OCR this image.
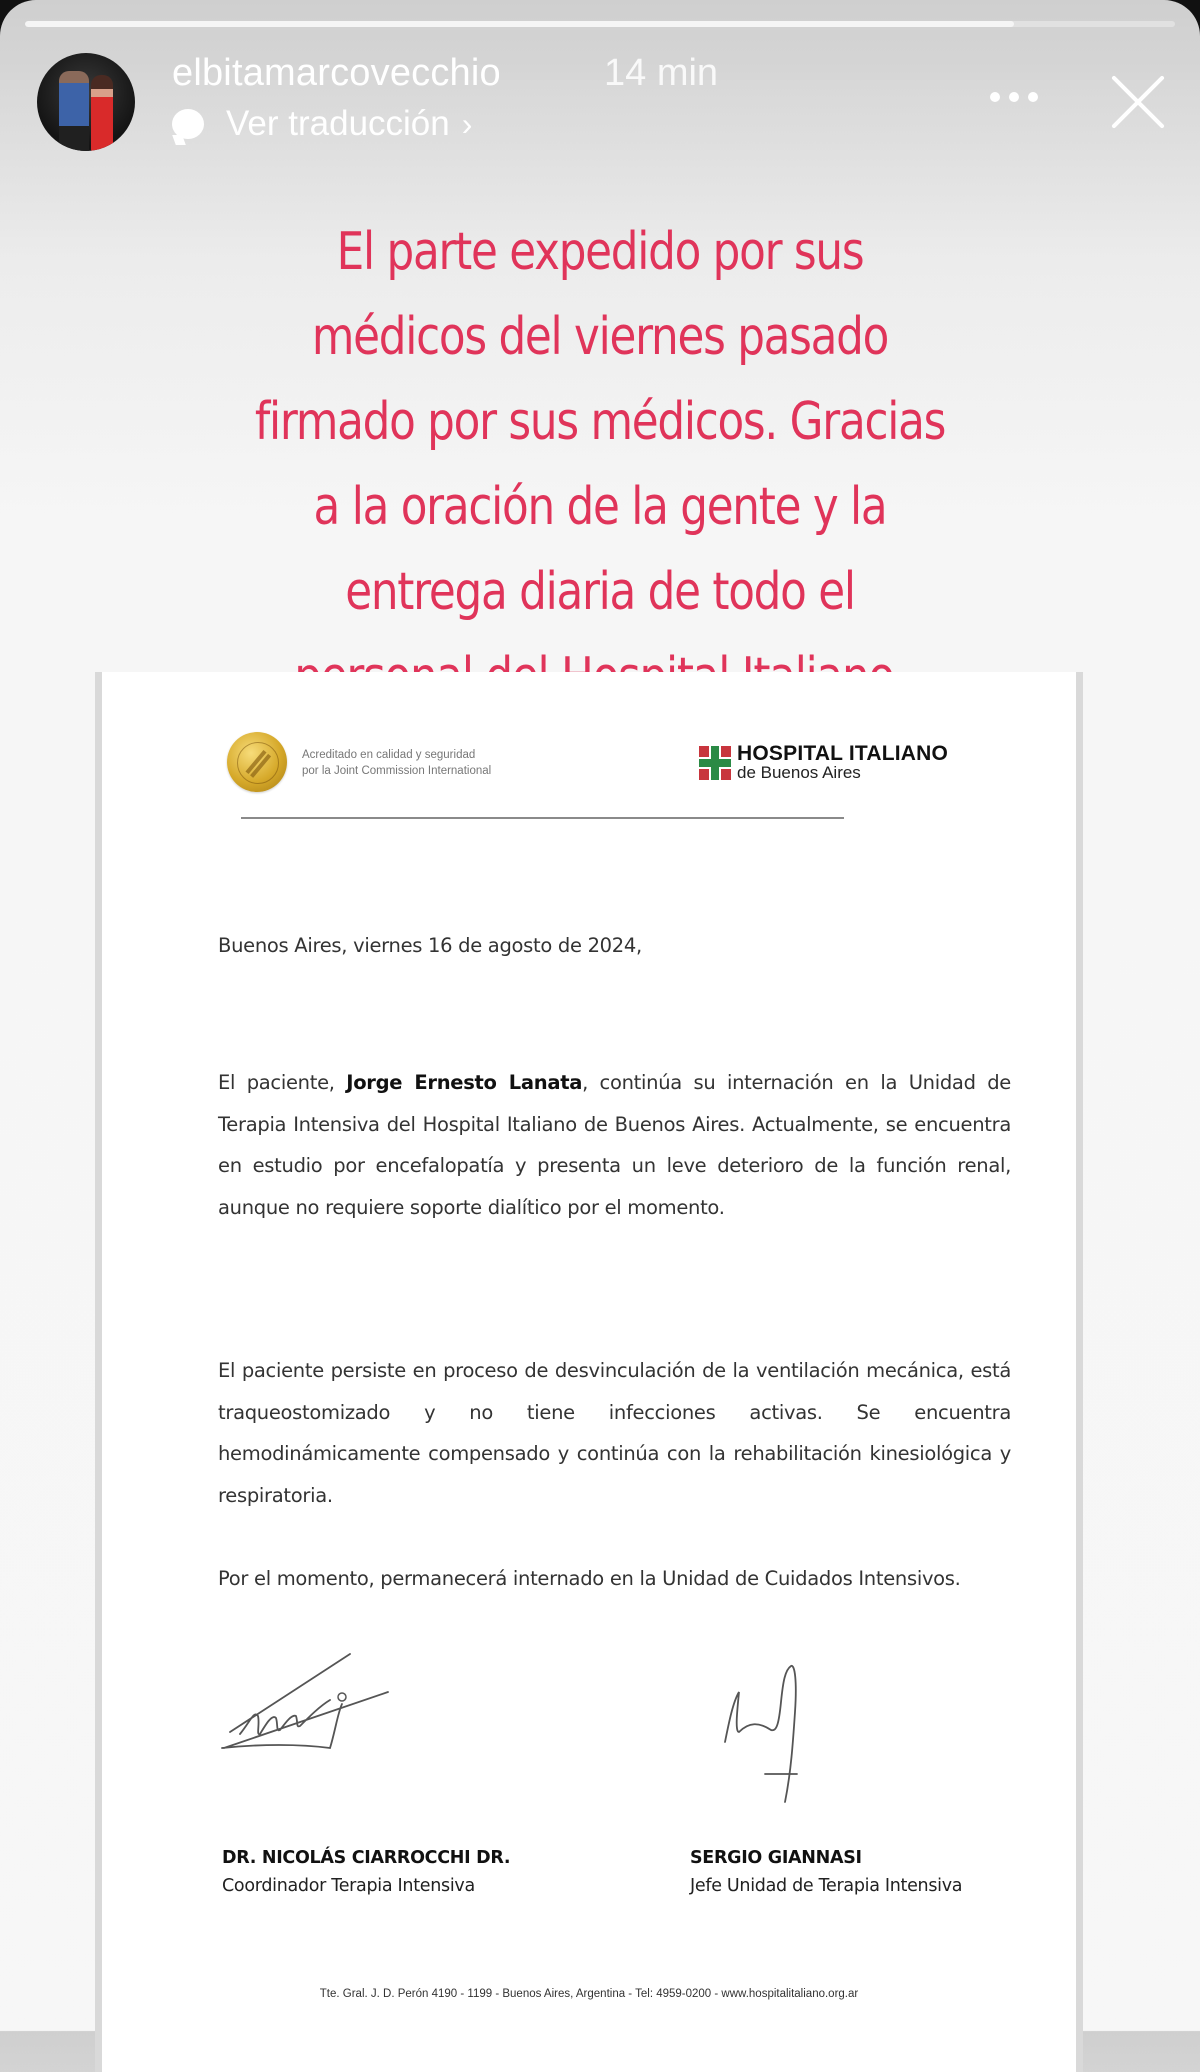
elbitamarcovecchio	14 min
Ver traducción ›
El parte expedido por sus
médicos del viernes pasado
firmado por sus médicos. Gracias
a la oración de la gente y la
entrega diaria de todo el
Acreditado en calidad y seguridad
por la Joint Commission International
HOSPITAL ITALIANO
de Buenos Aires
Buenos Aires, viernes 16 de agosto de 2024,
El paciente, Jorge Ernesto Lanata, continúa su internación en la Unidad de Terapia Intensiva del Hospital Italiano de Buenos Aires. Actualmente, se encuentra en estudio por encefalopatía y presenta un leve deterioro de la función renal, aunque no requiere soporte dialítico por el momento.
El paciente persiste en proceso de desvinculación de la ventilación mecánica, está traqueostomizado y no tiene infecciones activas. Se encuentra hemodinámicamente compensado y continúa con la rehabilitación kinesiológica y respiratoria.
Por el momento, permanecerá internado en la Unidad de Cuidados Intensivos.
DR. NICOLÁS CIARROCCHI DR.
Coordinador Terapia Intensiva
SERGIO GIANNASI
Jefe Unidad de Terapia Intensiva
Tte. Gral. J. D. Perón 4190 - 1199 - Buenos Aires, Argentina - Tel: 4959-0200 - www.hospitalitaliano.org.ar
